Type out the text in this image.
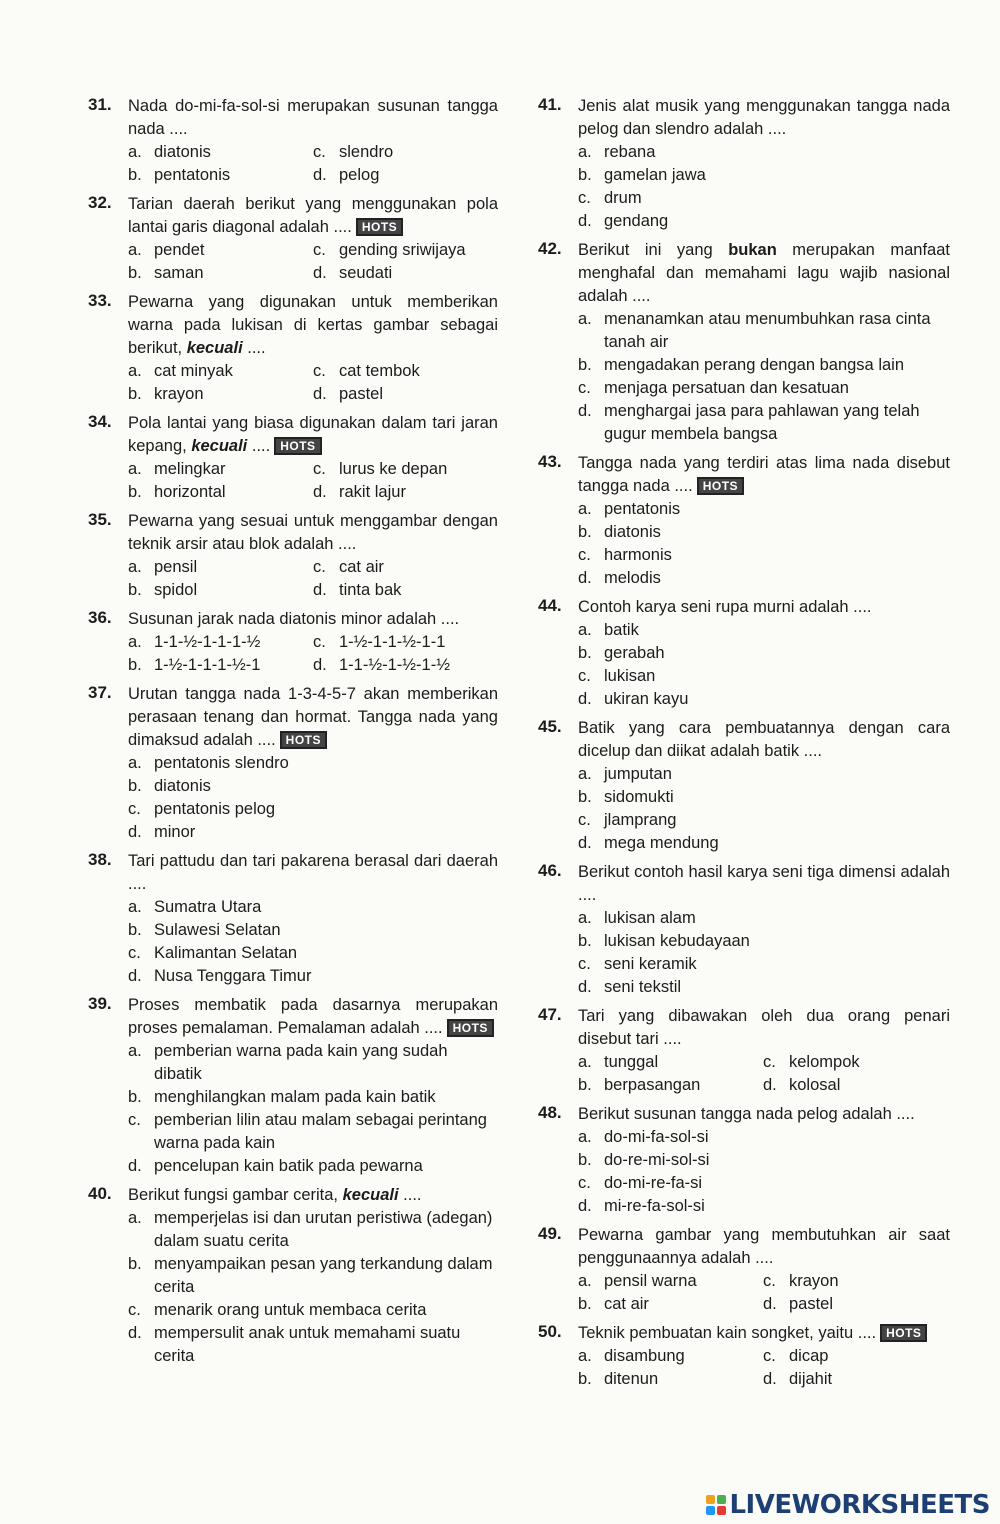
31. Nada do-mi-fa-sol-si merupakan susunan tangga nada ....
a. diatonis	c. slendro
b. pentatonis	d. pelog
32. Tarian daerah berikut yang menggunakan pola lantai garis diagonal adalah .... HOTS
a. pendet	c. gending sriwijaya
b. saman	d. seudati
33. Pewarna yang digunakan untuk memberikan warna pada lukisan di kertas gambar sebagai berikut, kecuali ....
a. cat minyak	c. cat tembok
b. krayon	d. pastel
34. Pola lantai yang biasa digunakan dalam tari jaran kepang, kecuali .... HOTS
a. melingkar	c. lurus ke depan
b. horizontal	d. rakit lajur
35. Pewarna yang sesuai untuk menggambar dengan teknik arsir atau blok adalah ....
a. pensil	c. cat air
b. spidol	d. tinta bak
36. Susunan jarak nada diatonis minor adalah ....
a. 1-1-½-1-1-1-½	c. 1-½-1-1-½-1-1
b. 1-½-1-1-1-½-1	d. 1-1-½-1-½-1-½
37. Urutan tangga nada 1-3-4-5-7 akan memberikan perasaan tenang dan hormat. Tangga nada yang dimaksud adalah .... HOTS
a. pentatonis slendro
b. diatonis
c. pentatonis pelog
d. minor
38. Tari pattudu dan tari pakarena berasal dari daerah ....
a. Sumatra Utara
b. Sulawesi Selatan
c. Kalimantan Selatan
d. Nusa Tenggara Timur
39. Proses membatik pada dasarnya merupakan proses pemalaman. Pemalaman adalah .... HOTS
a. pemberian warna pada kain yang sudah dibatik
b. menghilangkan malam pada kain batik
c. pemberian lilin atau malam sebagai perintang warna pada kain
d. pencelupan kain batik pada pewarna
40. Berikut fungsi gambar cerita, kecuali ....
a. memperjelas isi dan urutan peristiwa (adegan) dalam suatu cerita
b. menyampaikan pesan yang terkandung dalam cerita
c. menarik orang untuk membaca cerita
d. mempersulit anak untuk memahami suatu cerita
41. Jenis alat musik yang menggunakan tangga nada pelog dan slendro adalah ....
a. rebana
b. gamelan jawa
c. drum
d. gendang
42. Berikut ini yang bukan merupakan manfaat menghafal dan memahami lagu wajib nasional adalah ....
a. menanamkan atau menumbuhkan rasa cinta tanah air
b. mengadakan perang dengan bangsa lain
c. menjaga persatuan dan kesatuan
d. menghargai jasa para pahlawan yang telah gugur membela bangsa
43. Tangga nada yang terdiri atas lima nada disebut tangga nada .... HOTS
a. pentatonis
b. diatonis
c. harmonis
d. melodis
44. Contoh karya seni rupa murni adalah ....
a. batik
b. gerabah
c. lukisan
d. ukiran kayu
45. Batik yang cara pembuatannya dengan cara dicelup dan diikat adalah batik ....
a. jumputan
b. sidomukti
c. jlamprang
d. mega mendung
46. Berikut contoh hasil karya seni tiga dimensi adalah ....
a. lukisan alam
b. lukisan kebudayaan
c. seni keramik
d. seni tekstil
47. Tari yang dibawakan oleh dua orang penari disebut tari ....
a. tunggal	c. kelompok
b. berpasangan	d. kolosal
48. Berikut susunan tangga nada pelog adalah ....
a. do-mi-fa-sol-si
b. do-re-mi-sol-si
c. do-mi-re-fa-si
d. mi-re-fa-sol-si
49. Pewarna gambar yang membutuhkan air saat penggunaannya adalah ....
a. pensil warna	c. krayon
b. cat air	d. pastel
50. Teknik pembuatan kain songket, yaitu .... HOTS
a. disambung	c. dicap
b. ditenun	d. dijahit
LIVEWORKSHEETS
